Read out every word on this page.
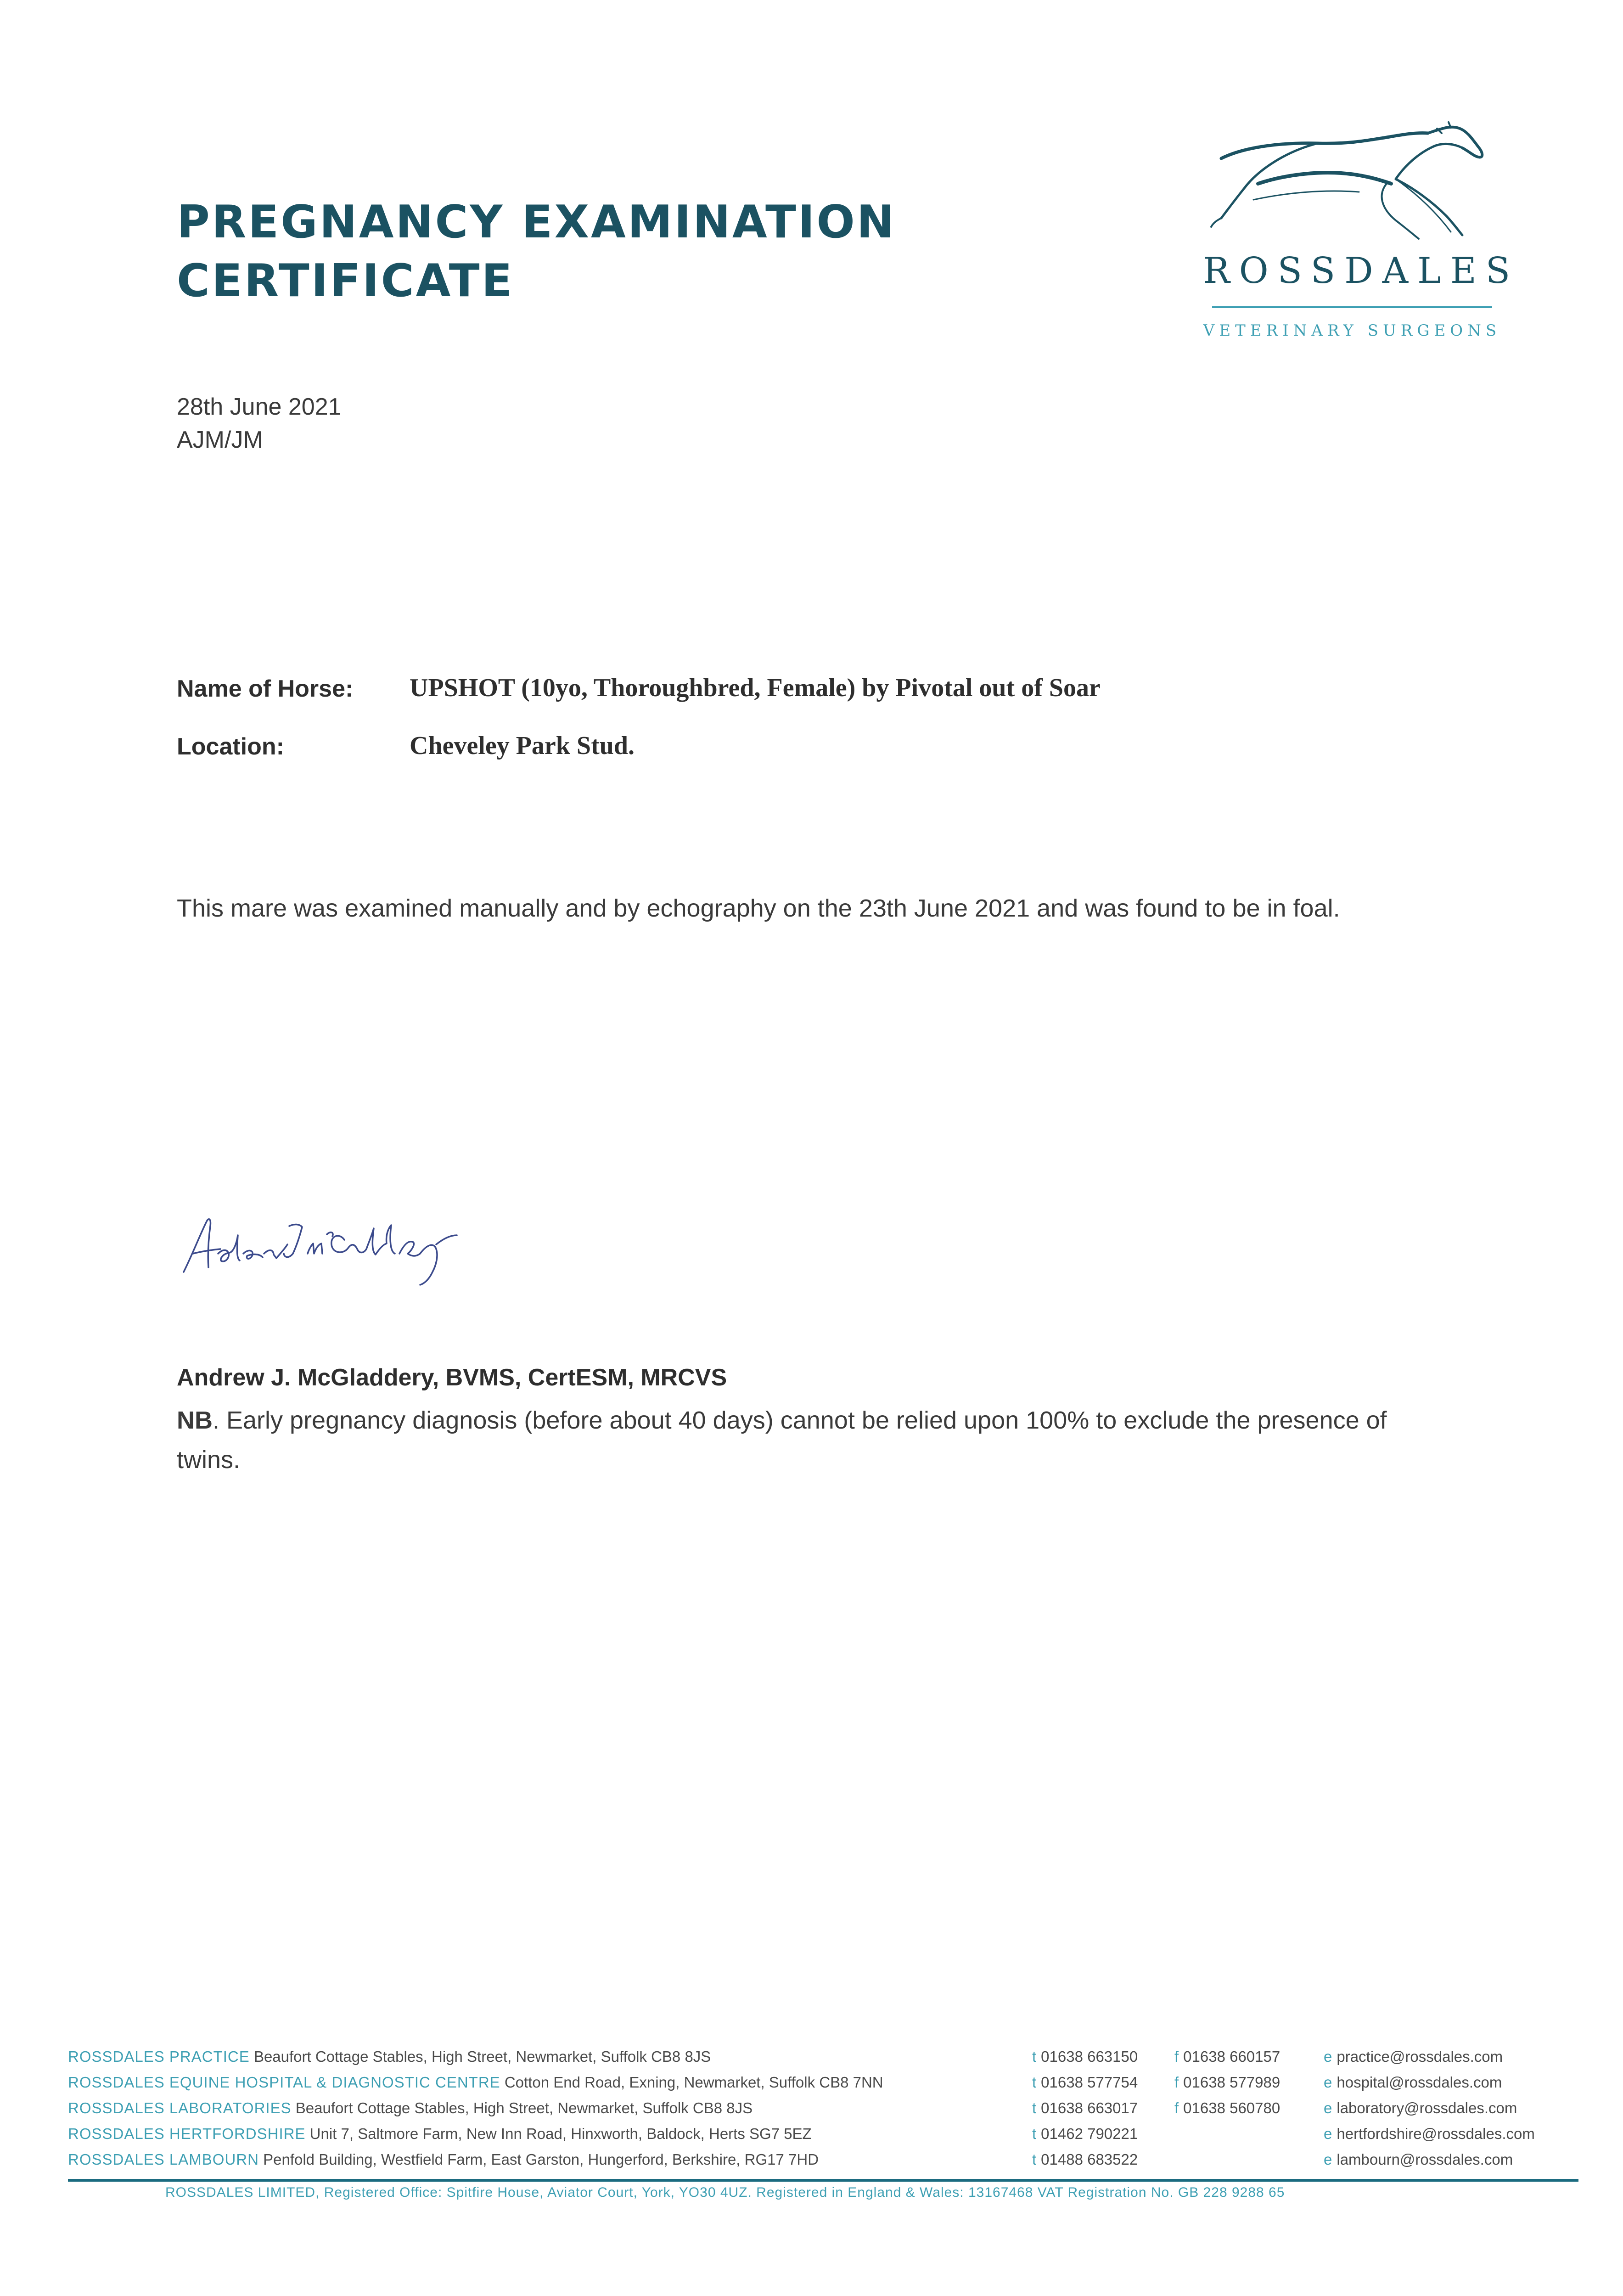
PREGNANCY EXAMINATION
CERTIFICATE	ROSSDALES
VETERINARY SURGEONS
28th June 2021
AJM/JM
Name of Horse: UPSHOT (10yo, Thoroughbred, Female) by Pivotal out of Soar
Location:	Cheveley Park Stud.
This mare was examined manually and by echography on the 23th June 2021 and was found to be in foal.
Andrew J. McGladdery, BVMS, CertESM, MRCVS
NB. Early pregnancy diagnosis (before about 40 days) cannot be relied upon 100% to exclude the presence of twins.
ROSSDALES PRACTICE Beaufort Cottage Stables, High Street, Newmarket, Suffolk CB8 8JS	t 01638 663150 f 01638 660157	e practice@rossdales.com
ROSSDALES EQUINE HOSPITAL & DIAGNOSTIC CENTRE Cotton End Road, Exning, Newmarket, Suffolk CB8 7NN	t 01638 577754 f 01638 577989	e hospital@rossdales.com
ROSSDALES LABORATORIES Beaufort Cottage Stables, High Street, Newmarket, Suffolk CB8 8JS	t 01638 663017 f 01638 560780	e laboratory@rossdales.com
ROSSDALES HERTFORDSHIRE Unit 7, Saltmore Farm, New Inn Road, Hinxworth, Baldock, Herts SG7 5EZ	t 01462 790221	e hertfordshire@rossdales.com
ROSSDALES LAMBOURN Penfold Building, Westfield Farm, East Garston, Hungerford, Berkshire, RG17 7HD	t 01488 683522	e lambourn@rossdales.com
ROSSDALES LIMITED, Registered Office: Spitfire House, Aviator Court, York, YO30 4UZ. Registered in England & Wales: 13167468 VAT Registration No. GB 228 9288 65
